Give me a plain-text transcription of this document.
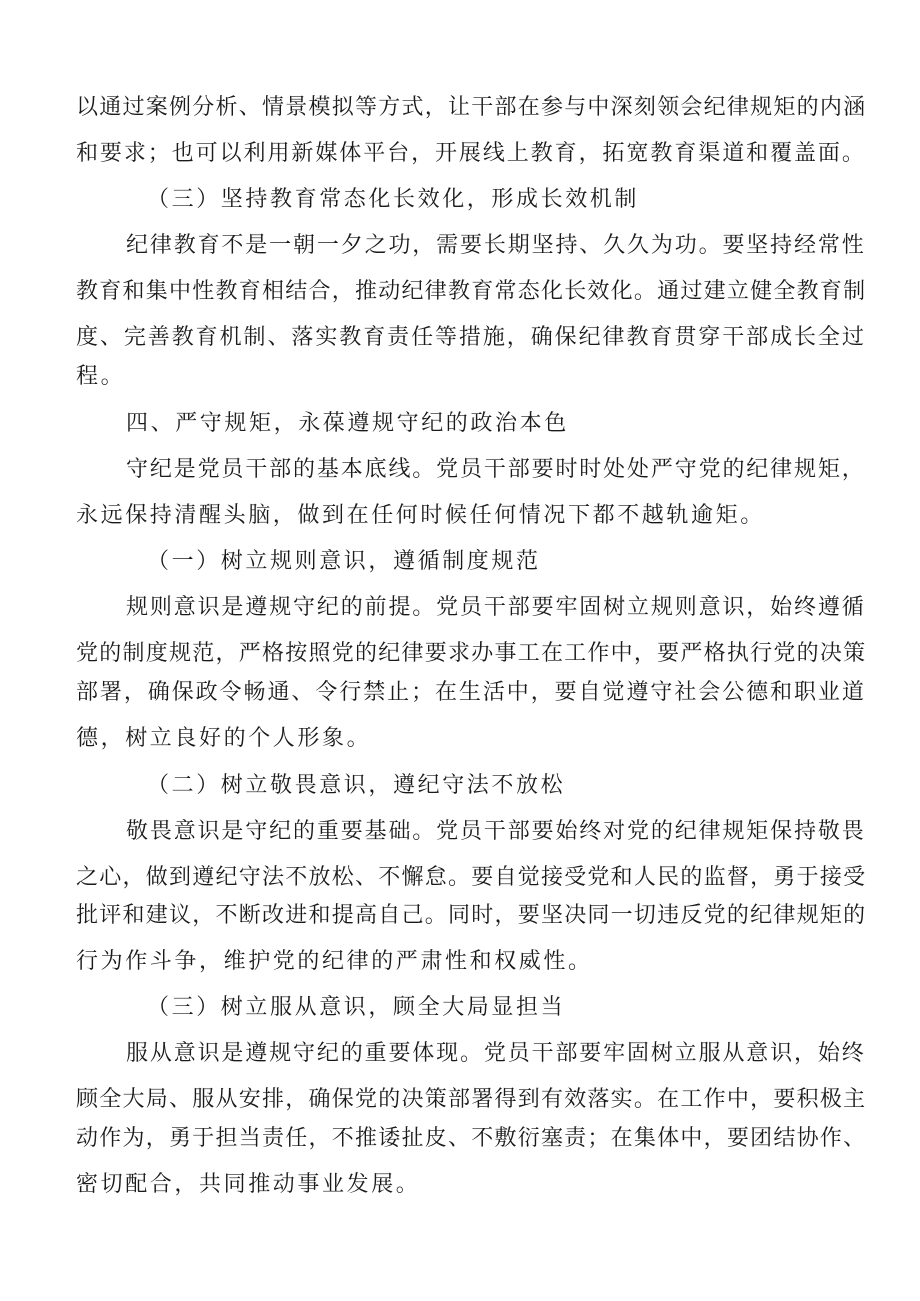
以通过案例分析、情景模拟等方式，让干部在参与中深刻领会纪律规矩的内涵
和要求；也可以利用新媒体平台，开展线上教育，拓宽教育渠道和覆盖面。
（三）坚持教育常态化长效化，形成长效机制
纪律教育不是一朝一夕之功，需要长期坚持、久久为功。要坚持经常性
教育和集中性教育相结合，推动纪律教育常态化长效化。通过建立健全教育制
度、完善教育机制、落实教育责任等措施，确保纪律教育贯穿干部成长全过
程。
四、严守规矩，永葆遵规守纪的政治本色
守纪是党员干部的基本底线。党员干部要时时处处严守党的纪律规矩，
永远保持清醒头脑，做到在任何时候任何情况下都不越轨逾矩。
（一）树立规则意识，遵循制度规范
规则意识是遵规守纪的前提。党员干部要牢固树立规则意识，始终遵循
党的制度规范，严格按照党的纪律要求办事工在工作中，要严格执行党的决策
部署，确保政令畅通、令行禁止；在生活中，要自觉遵守社会公德和职业道
德，树立良好的个人形象。
（二）树立敬畏意识，遵纪守法不放松
敬畏意识是守纪的重要基础。党员干部要始终对党的纪律规矩保持敬畏
之心，做到遵纪守法不放松、不懈怠。要自觉接受党和人民的监督，勇于接受
批评和建议，不断改进和提高自己。同时，要坚决同一切违反党的纪律规矩的
行为作斗争，维护党的纪律的严肃性和权威性。
（三）树立服从意识，顾全大局显担当
服从意识是遵规守纪的重要体现。党员干部要牢固树立服从意识，始终
顾全大局、服从安排，确保党的决策部署得到有效落实。在工作中，要积极主
动作为，勇于担当责任，不推诿扯皮、不敷衍塞责；在集体中，要团结协作、
密切配合，共同推动事业发展。
